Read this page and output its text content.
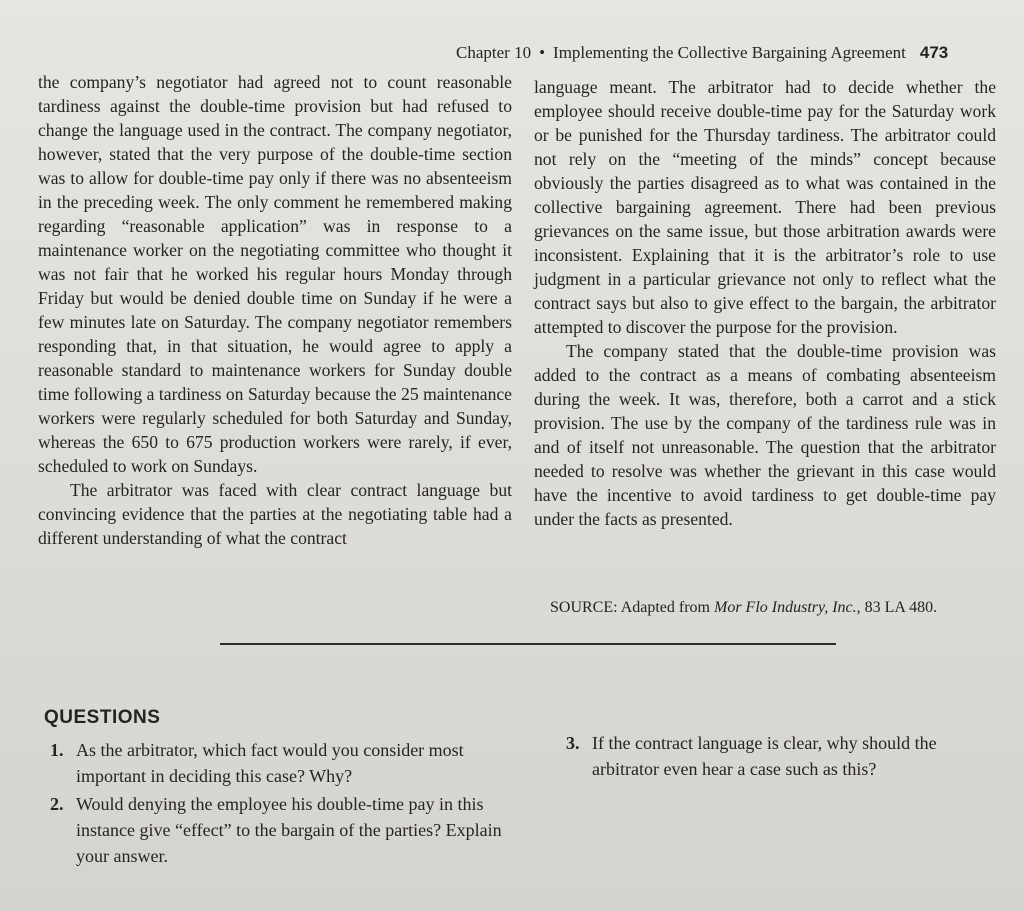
Chapter 10 • Implementing the Collective Bargaining Agreement 473

the company’s negotiator had agreed not to count reasonable tardiness against the double-time provision but had refused to change the language used in the contract. The company negotiator, however, stated that the very purpose of the double-time section was to allow for double-time pay only if there was no absenteeism in the preceding week. The only comment he remembered making regarding “reasonable application” was in response to a maintenance worker on the negotiating committee who thought it was not fair that he worked his regular hours Monday through Friday but would be denied double time on Sunday if he were a few minutes late on Saturday. The company negotiator remembers responding that, in that situation, he would agree to apply a reasonable standard to maintenance workers for Sunday double time following a tardiness on Saturday because the 25 maintenance workers were regularly scheduled for both Saturday and Sunday, whereas the 650 to 675 production workers were rarely, if ever, scheduled to work on Sundays.

The arbitrator was faced with clear contract language but convincing evidence that the parties at the negotiating table had a different understanding of what the contract

language meant. The arbitrator had to decide whether the employee should receive double-time pay for the Saturday work or be punished for the Thursday tardiness. The arbitrator could not rely on the “meeting of the minds” concept because obviously the parties disagreed as to what was contained in the collective bargaining agreement. There had been previous grievances on the same issue, but those arbitration awards were inconsistent. Explaining that it is the arbitrator’s role to use judgment in a particular grievance not only to reflect what the contract says but also to give effect to the bargain, the arbitrator attempted to discover the purpose for the provision.

The company stated that the double-time provision was added to the contract as a means of combating absenteeism during the week. It was, therefore, both a carrot and a stick provision. The use by the company of the tardiness rule was in and of itself not unreasonable. The question that the arbitrator needed to resolve was whether the grievant in this case would have the incentive to avoid tardiness to get double-time pay under the facts as presented.

SOURCE: Adapted from Mor Flo Industry, Inc., 83 LA 480.
QUESTIONS
1. As the arbitrator, which fact would you consider most important in deciding this case? Why?
2. Would denying the employee his double-time pay in this instance give “effect” to the bargain of the parties? Explain your answer.
3. If the contract language is clear, why should the arbitrator even hear a case such as this?
